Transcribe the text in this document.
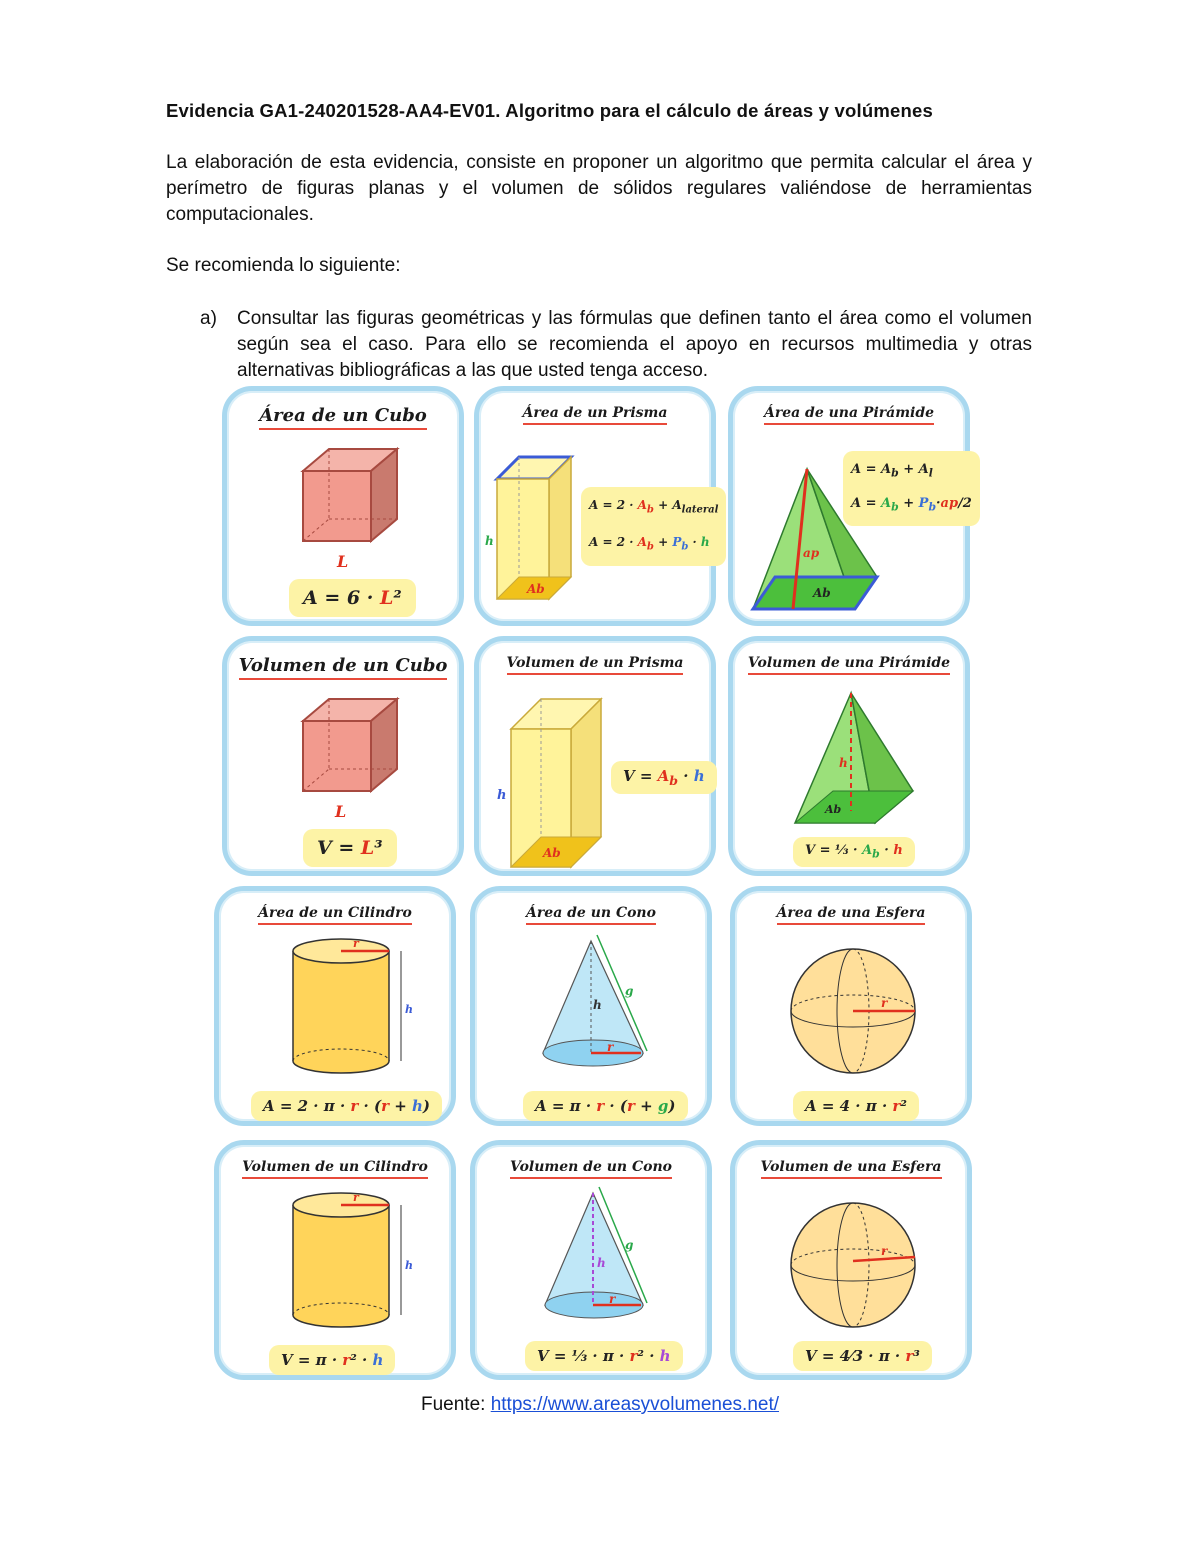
Evidencia GA1-240201528-AA4-EV01. Algoritmo para el cálculo de áreas y volúmenes
La elaboración de esta evidencia, consiste en proponer un algoritmo que permita calcular el área y perímetro de figuras planas y el volumen de sólidos regulares valiéndose de herramientas computacionales.
Se recomienda lo siguiente:
a) Consultar las figuras geométricas y las fórmulas que definen tanto el área como el volumen según sea el caso. Para ello se recomienda el apoyo en recursos multimedia y otras alternativas bibliográficas a las que usted tenga acceso.
Área de un Cubo
L
A = 6 · L²
Área de un Prisma
h
Ab
$A = 2 \cdot A_b + A_{lateral}$
$A = 2 \cdot A_b + P_b \cdot h$
Área de una Pirámide
ap
Ab
$A = A_b + A_l$
$A = A_b + P_b\cdot ap/2$
Volumen de un Cubo
L
V = L³
Volumen de un Prisma
h
Ab
$V = A_b \cdot h$
Volumen de una Pirámide
h
Ab
V = ⅓ · $A_b \cdot h$
Área de un Cilindro
r
h
A = 2 · π · r · (r + h)
Área de un Cono
h
g
r
A = π · r · (r + g)
Área de una Esfera
r
A = 4 · π · r²
Volumen de un Cilindro
r
h
V = π · r² · h
Volumen de un Cono
h
g
r
V = ⅓ · π · r² · h
Volumen de una Esfera
r
V = 4⁄3 · π · r³
Fuente: https://www.areasyvolumenes.net/
